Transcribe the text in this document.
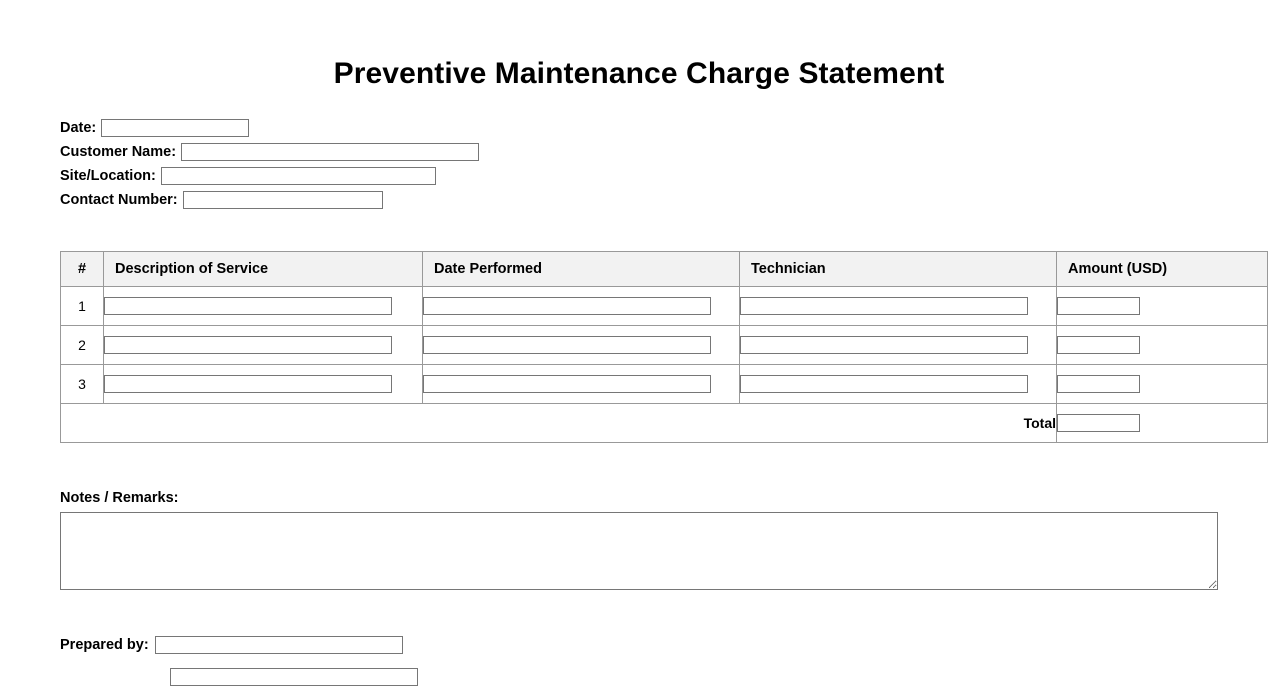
Preventive Maintenance Charge Statement
Date:
Customer Name:
Site/Location:
Contact Number:
#	Description of Service	Date Performed	Technician	Amount (USD)
1				
2				
3				
Total	
Notes / Remarks:
Prepared by:
